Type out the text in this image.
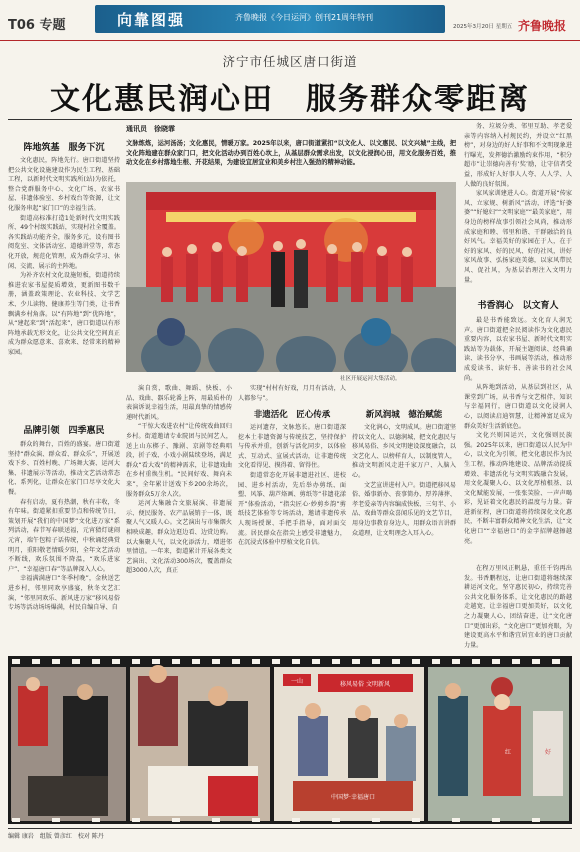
T06 专题	向靠图强	齐鲁晚报《今日运河》创刊21周年特刊
2025年3月20日 星期五 齐鲁晚报
济宁市任城区唐口街道
文化惠民润心田　服务群众零距离
阵地筑基　服务下沉

文化惠民，阵地先行。唐口街道坚持把公共文化设施建设作为民生工程、基础工程，以新时代文明实践所(站)为依托，整合党群服务中心、文化广场、农家书屋、非遗体验室、乡村戏台等资源，让文化服务串起“家门口”的幸福生活。

街道高标准打造1处新时代文明实践所、49个村级实践站，实现村社全覆盖。各实践站功能齐全，服务多元，设有图书阅览室、文体活动室、道德讲堂等，常态化开放，规范化管理，成为群众学习、休闲、交流、展示的主阵地。

为补齐农村文化设施短板，街道持续推进农家书屋提质增效，更新图书数千册，涵盖政策理论、农业科技、文学艺术、少儿读物、健康养生等门类，让书香飘满乡村角落。以“有阵地”到“优阵地”，从“建起来”到“活起来”，唐口街道以有形阵地承载无形文化，让公共文化空间真正成为群众愿意来、喜欢来、经常来的精神家园。

品牌引领　四季惠民

群众的舞台，百姓的盛宴。唐口街道坚持“群众演、群众看、群众乐”，开展送戏下乡、百姓村晚、广场舞大赛、运河大集、非遗展示等活动，推动文艺活动常态化、系列化，让群众在家门口尽享文化大餐。

春有启动，夏有热潮，秋有丰收，冬有年味。街道紧扣重要节点和传统节日，策划开展“我们的中国梦”文化进万家“系列活动，春节写春联送福，元宵猜灯谜闹元宵，端午包粽子话传统，中秋诵经典赏明月，重阳敬老情暖夕阳，全年文艺活动不断线，欢乐氛围不降温，“欢乐进家户”、“幸福唐口春”等品牌深入人心。

幸福满满唐口“冬季村晚”，金秋送艺进乡村，邻里同欢享盛宴，秋冬文艺汇演，“邻里同欢乐、新风进万家”移风易俗专场等活动场场爆满，村民自编自导、自

通讯员　徐晓霏
文脉炼炼，运河汤汤；文化惠民，情暖万家。2025年以来，唐口街道紧扣“以文化人、以文惠民、以文兴城”主线，把文化阵地建在群众家门口，把文化活动办到百姓心坎上，从基层群众需求出发，以文化浸润心田，用文化服务百姓，推动文化在乡村落地生根、开花结果，为建设宜居宜业和美乡村注入强劲的精神动能。
社区开展运河大集活动。

演自赏，歌曲、舞蹈、快板、小品、戏曲、器乐轮番上阵，用最质朴的表演诉说幸福生活，用最真挚的情感传递时代新风。

“干惊大戏进农村”让传统戏曲回归乡村。街道邀请专业院团与民间艺人，送上山东梆子、豫剧、京剧等经典唱段，折子戏、小戏小剧陆续登场，满足群众“看大戏”的精神需求，让非遗戏曲在乡村重焕生机。“民间好戏、舞向未来”，全年累计送戏下乡200余场次，服务群众5万余人次。

运河大集融合文旅展演、非遗展示、便民服务、农产品展销于一体，既聚人气又暖人心。文艺演出与市集烟火相映成趣，群众边逛边看、边赏边购。以大集聚人气，以文化添活力，增进邻里情谊。一年来，街道累计开展各类文艺演出、文化活动300场次，覆盖群众超3000人次，真正

实现“村村有好戏，月月有活动，人人都参与”。

非遗活化　匠心传承

运河遗存，文脉悠长。唐口街道深挖本土非遗资源与传统技艺，坚持保护与传承并重，创新与活化同步，以体验式、互动式、宣展式活动，让非遗传统文化看得见、摸得着、留得住。

街道常态化开展非遗进社区、进校园、进乡村活动，先后举办剪纸、面塑、风筝、葫芦烙画、剪纸等“非遗花漾开”体验活动，“指尖匠心·妙剪乡韵”剪纸技艺体验等专场活动，邀请非遗传承人现场授课、手把手指导，面对面交流。居民群众在指尖上感受非遗魅力，在沉浸式体验中厚植文化自信。

新风润城　德治赋能

文化润心，文明成风。唐口街道坚持以文化人、以德润城，把文化惠民与移风易俗、乡风文明建设深度融合，以文艺化人、以榜样育人，以制度管人，推动文明新风走进千家万户、入脑入心。

文艺宣讲进村入户。街道把移风易俗、婚事新办、丧事简办、厚养薄葬、孝老爱亲等内容编成快板、三句半、小品、戏曲等群众喜闻乐见的文艺节目，用身边事教育身边人，用群众语言讲群众道理，让文明理念入耳入心。

务、垃圾分类、邻里互助、孝老爱亲等内容纳入村规民约，并设立“红黑榜”，对身边的好人好事和不文明现象进行曝光，发挥德治激励约束作用，“积分超市”让崇德向善有‘奖’励，让守信者受益，形成好人好事人人夸、人人学、人人做的良好氛围。

家风家训建进人心。街道开展“传家风、立家规、树新风”活动，评选“好婆婆”“好媳妇”“文明家庭”“最美家庭”，用身边的榜样故事引领社会风尚，推动形成家庭和睦、邻里和谐、干群融洽的良好风气。幸福美好的家园在于人，在于好的家风、好的民风、好的社风，讲好家风故事、弘扬家庭美德，以家风带民风、促社风，为基层治理注入文明力量。

书香润心　以文育人

最是书香能致远。文化育人润无声。唐口街道把全民阅读作为文化惠民重要内容，以农家书屋、新时代文明实践站等为载体，开展主题阅读、经典诵读、读书分享、书画展等活动，推动形成爱读书、读好书、善读书的社会风尚。

从阵地到活动，从基层到社区，从课堂到广场，从书香与文艺相伴，知识与幸福同行，唐口街道以文化浸润人心，以阅读启迪智慧，让精神富足成为群众美好生活新底色。

文化兴则国运兴，文化强则民族强。2025年以来，唐口街道以人民为中心，以文化为引领，把文化惠民作为民生工程，推动阵地建设、品牌活动提质增效、非遗活化与文明实践融合发展，用文化凝聚人心、以文化厚植根基、以文化赋能发展，一张张笑脸、一声声喝彩，见证着文化惠民的温度与力量。奋进新征程，唐口街道将持续深化文化惠民，不断丰富群众精神文化生活，让“文化唐口”“幸福唐口”的金字招牌越擦越亮。

在程万里风正帆悬，重任千钧再出发。书香鹏程远，让唐口街道将继续深耕运河文化，坚守惠民初心，持续完善公共文化服务体系，让文化惠民的路越走越宽，让幸福唐口更加美好，以文化之力凝聚人心、团结奋进，让“文化唐口”更加出彩，“文化唐口”更加亮眼，为建设更高水平和谐宜居宜业的唐口贡献力量。

一山	移风易俗 文明新风
中国梦·幸福唐口
红	好
编辑 康岩　组版 曾彦红　校对 陈丹
